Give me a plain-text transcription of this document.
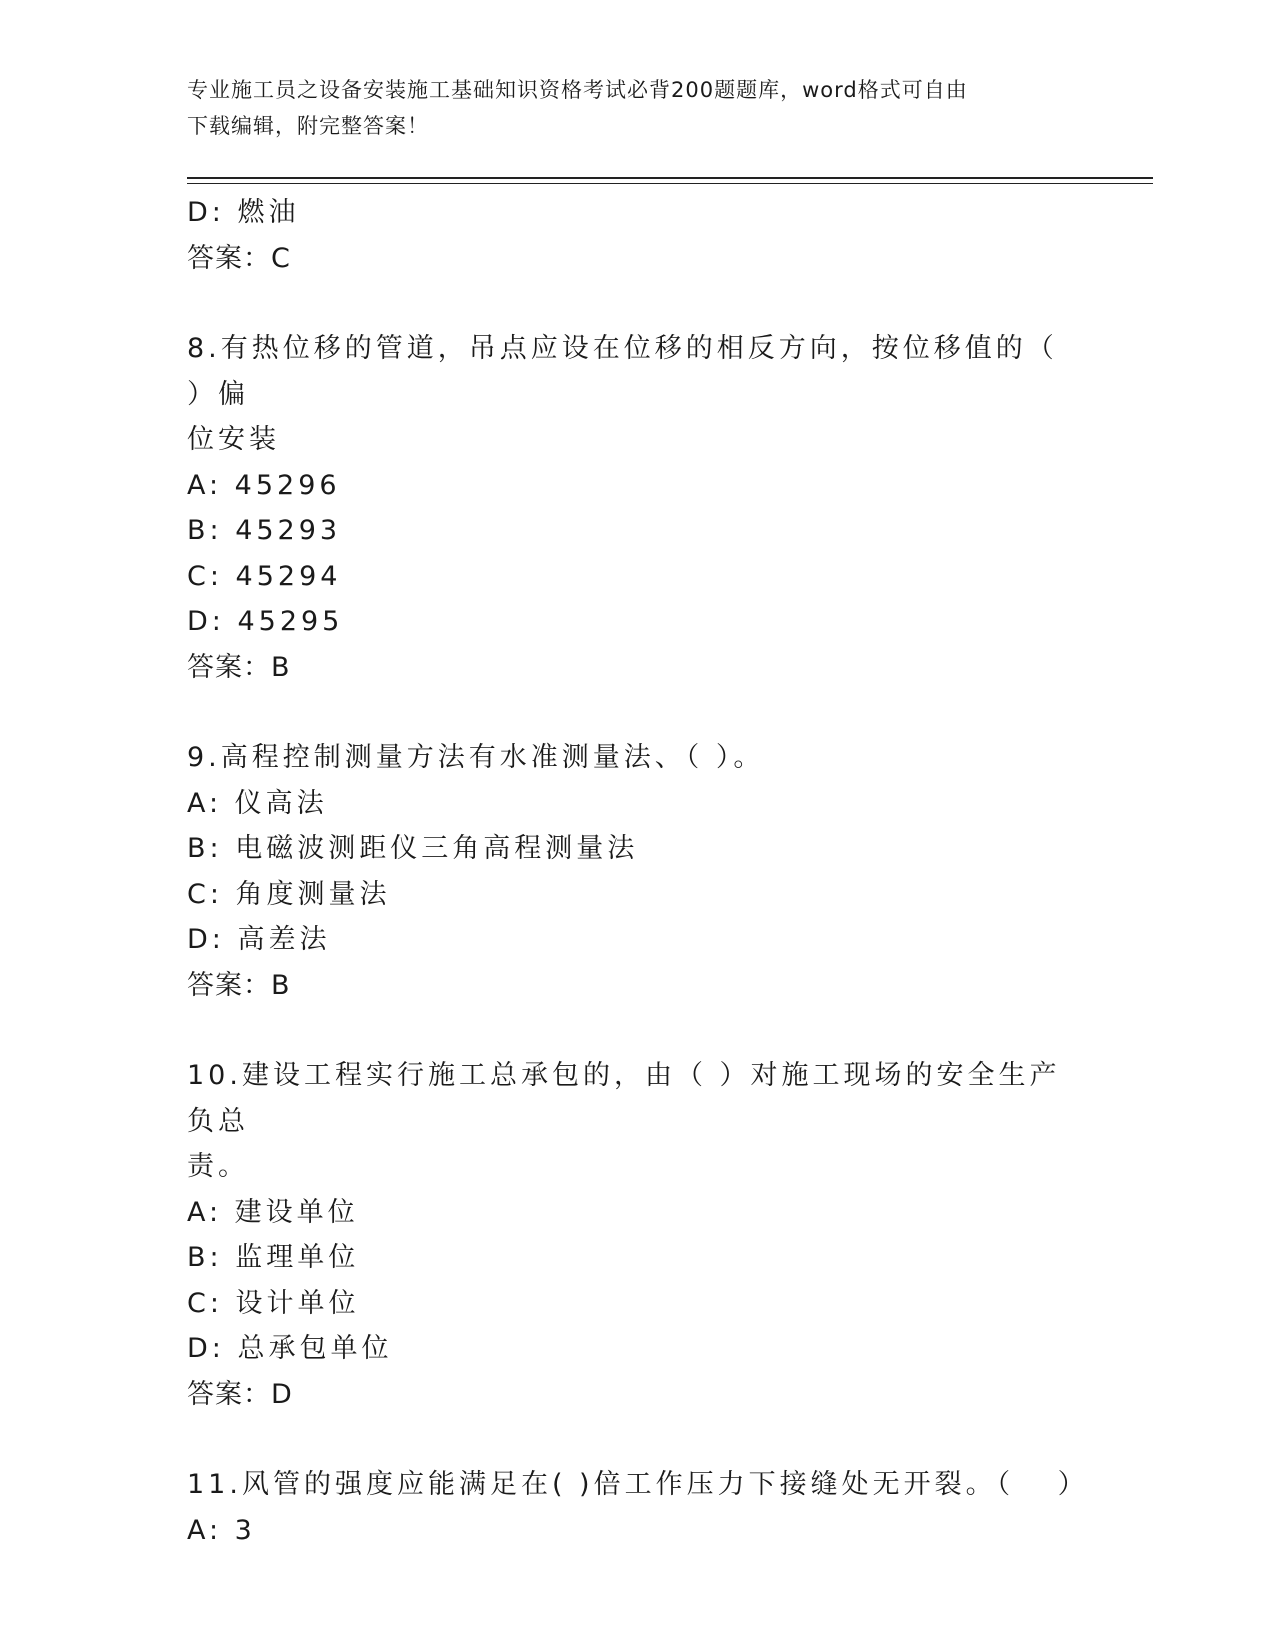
专业施工员之设备安装施工基础知识资格考试必背200题题库，word格式可自由
下载编辑，附完整答案！
D: 燃油
答案：C
8.有热位移的管道，吊点应设在位移的相反方向，按位移值的（ ）偏
位安装
A: 45296
B: 45293
C: 45294
D: 45295
答案：B
9.高程控制测量方法有水准测量法、（ ）。
A: 仪高法
B: 电磁波测距仪三角高程测量法
C: 角度测量法
D: 高差法
答案：B
10.建设工程实行施工总承包的，由（ ）对施工现场的安全生产负总
责。
A: 建设单位
B: 监理单位
C: 设计单位
D: 总承包单位
答案：D
11.风管的强度应能满足在( )倍工作压力下接缝处无开裂。（　 ）
A: 3
